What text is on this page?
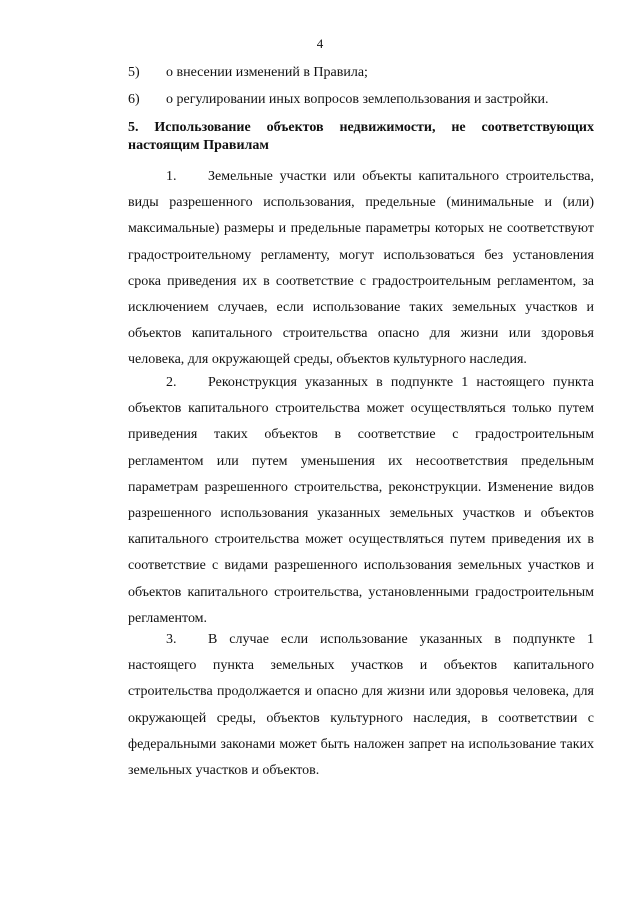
4
5)	о внесении изменений в Правила;
6)	о регулировании иных вопросов землепользования и застройки.
5. Использование объектов недвижимости, не соответствующих настоящим Правилам
1. Земельные участки или объекты капитального строительства, виды разрешенного использования, предельные (минимальные и (или) максимальные) размеры и предельные параметры которых не соответствуют градостроительному регламенту, могут использоваться без установления срока приведения их в соответствие с градостроительным регламентом, за исключением случаев, если использование таких земельных участков и объектов капитального строительства опасно для жизни или здоровья человека, для окружающей среды, объектов культурного наследия.
2. Реконструкция указанных в подпункте 1 настоящего пункта объектов капитального строительства может осуществляться только путем приведения таких объектов в соответствие с градостроительным регламентом или путем уменьшения их несоответствия предельным параметрам разрешенного строительства, реконструкции. Изменение видов разрешенного использования указанных земельных участков и объектов капитального строительства может осуществляться путем приведения их в соответствие с видами разрешенного использования земельных участков и объектов капитального строительства, установленными градостроительным регламентом.
3. В случае если использование указанных в подпункте 1 настоящего пункта земельных участков и объектов капитального строительства продолжается и опасно для жизни или здоровья человека, для окружающей среды, объектов культурного наследия, в соответствии с федеральными законами может быть наложен запрет на использование таких земельных участков и объектов.
